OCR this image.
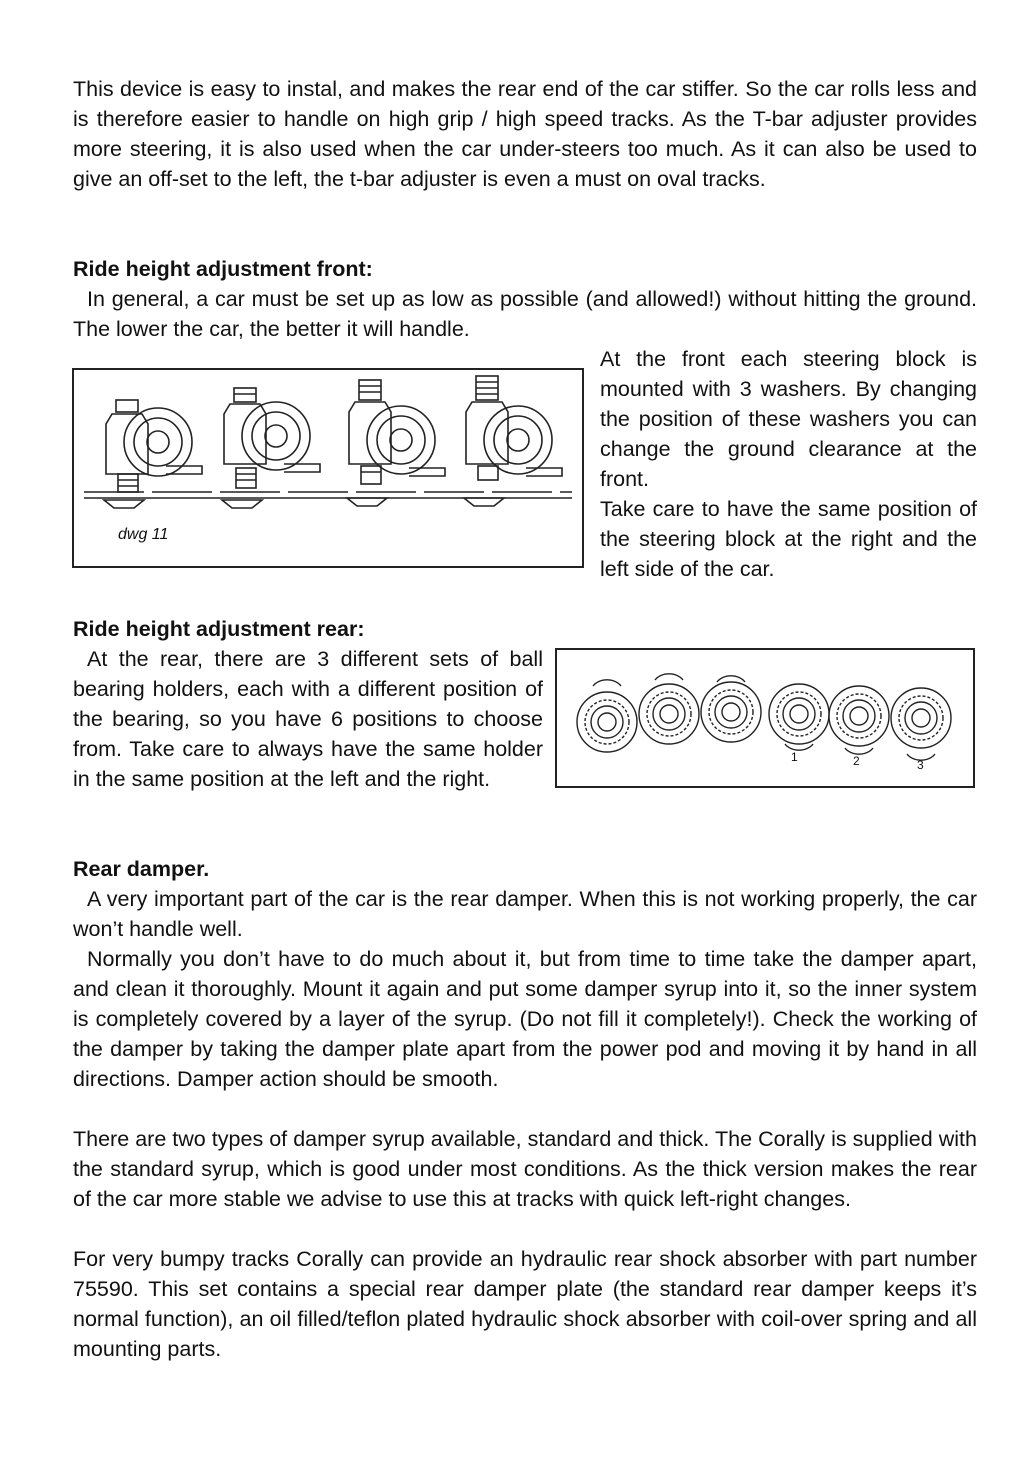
This device is easy to instal, and makes the rear end of the car stiffer. So the car rolls less and is therefore easier to handle on high grip / high speed tracks. As the T-bar adjuster provides more steering, it is also used when the car under-steers too much. As it can also be used to give an off-set to the left, the t-bar adjuster is even a must on oval tracks.

Ride height adjustment front:

In general, a car must be set up as low as possible (and allowed!) without hitting the ground. The lower the car, the better it will handle.

dwg 11

At the front each steering block is mounted with 3 washers. By changing the position of these washers you can change the ground clearance at the front.

Take care to have the same position of the steering block at the right and the left side of the car.

Ride height adjustment rear:

At the rear, there are 3 different sets of ball bearing holders, each with a different position of the bearing, so you have 6 positions to choose from. Take care to always have the same holder in the same position at the left and the right.

1	2	3

Rear damper.

A very important part of the car is the rear damper. When this is not working properly, the car won’t handle well.

Normally you don’t have to do much about it, but from time to time take the damper apart, and clean it thoroughly. Mount it again and put some damper syrup into it, so the inner system is completely covered by a layer of the syrup. (Do not fill it completely!). Check the working of the damper by taking the damper plate apart from the power pod and moving it by hand in all directions. Damper action should be smooth.

There are two types of damper syrup available, standard and thick. The Corally is supplied with the standard syrup, which is good under most conditions. As the thick version makes the rear of the car more stable we advise to use this at tracks with quick left-right changes.

For very bumpy tracks Corally can provide an hydraulic rear shock absorber with part number 75590. This set contains a special rear damper plate (the standard rear damper keeps it’s normal function), an oil filled/teflon plated hydraulic shock absorber with coil-over spring and all mounting parts.
